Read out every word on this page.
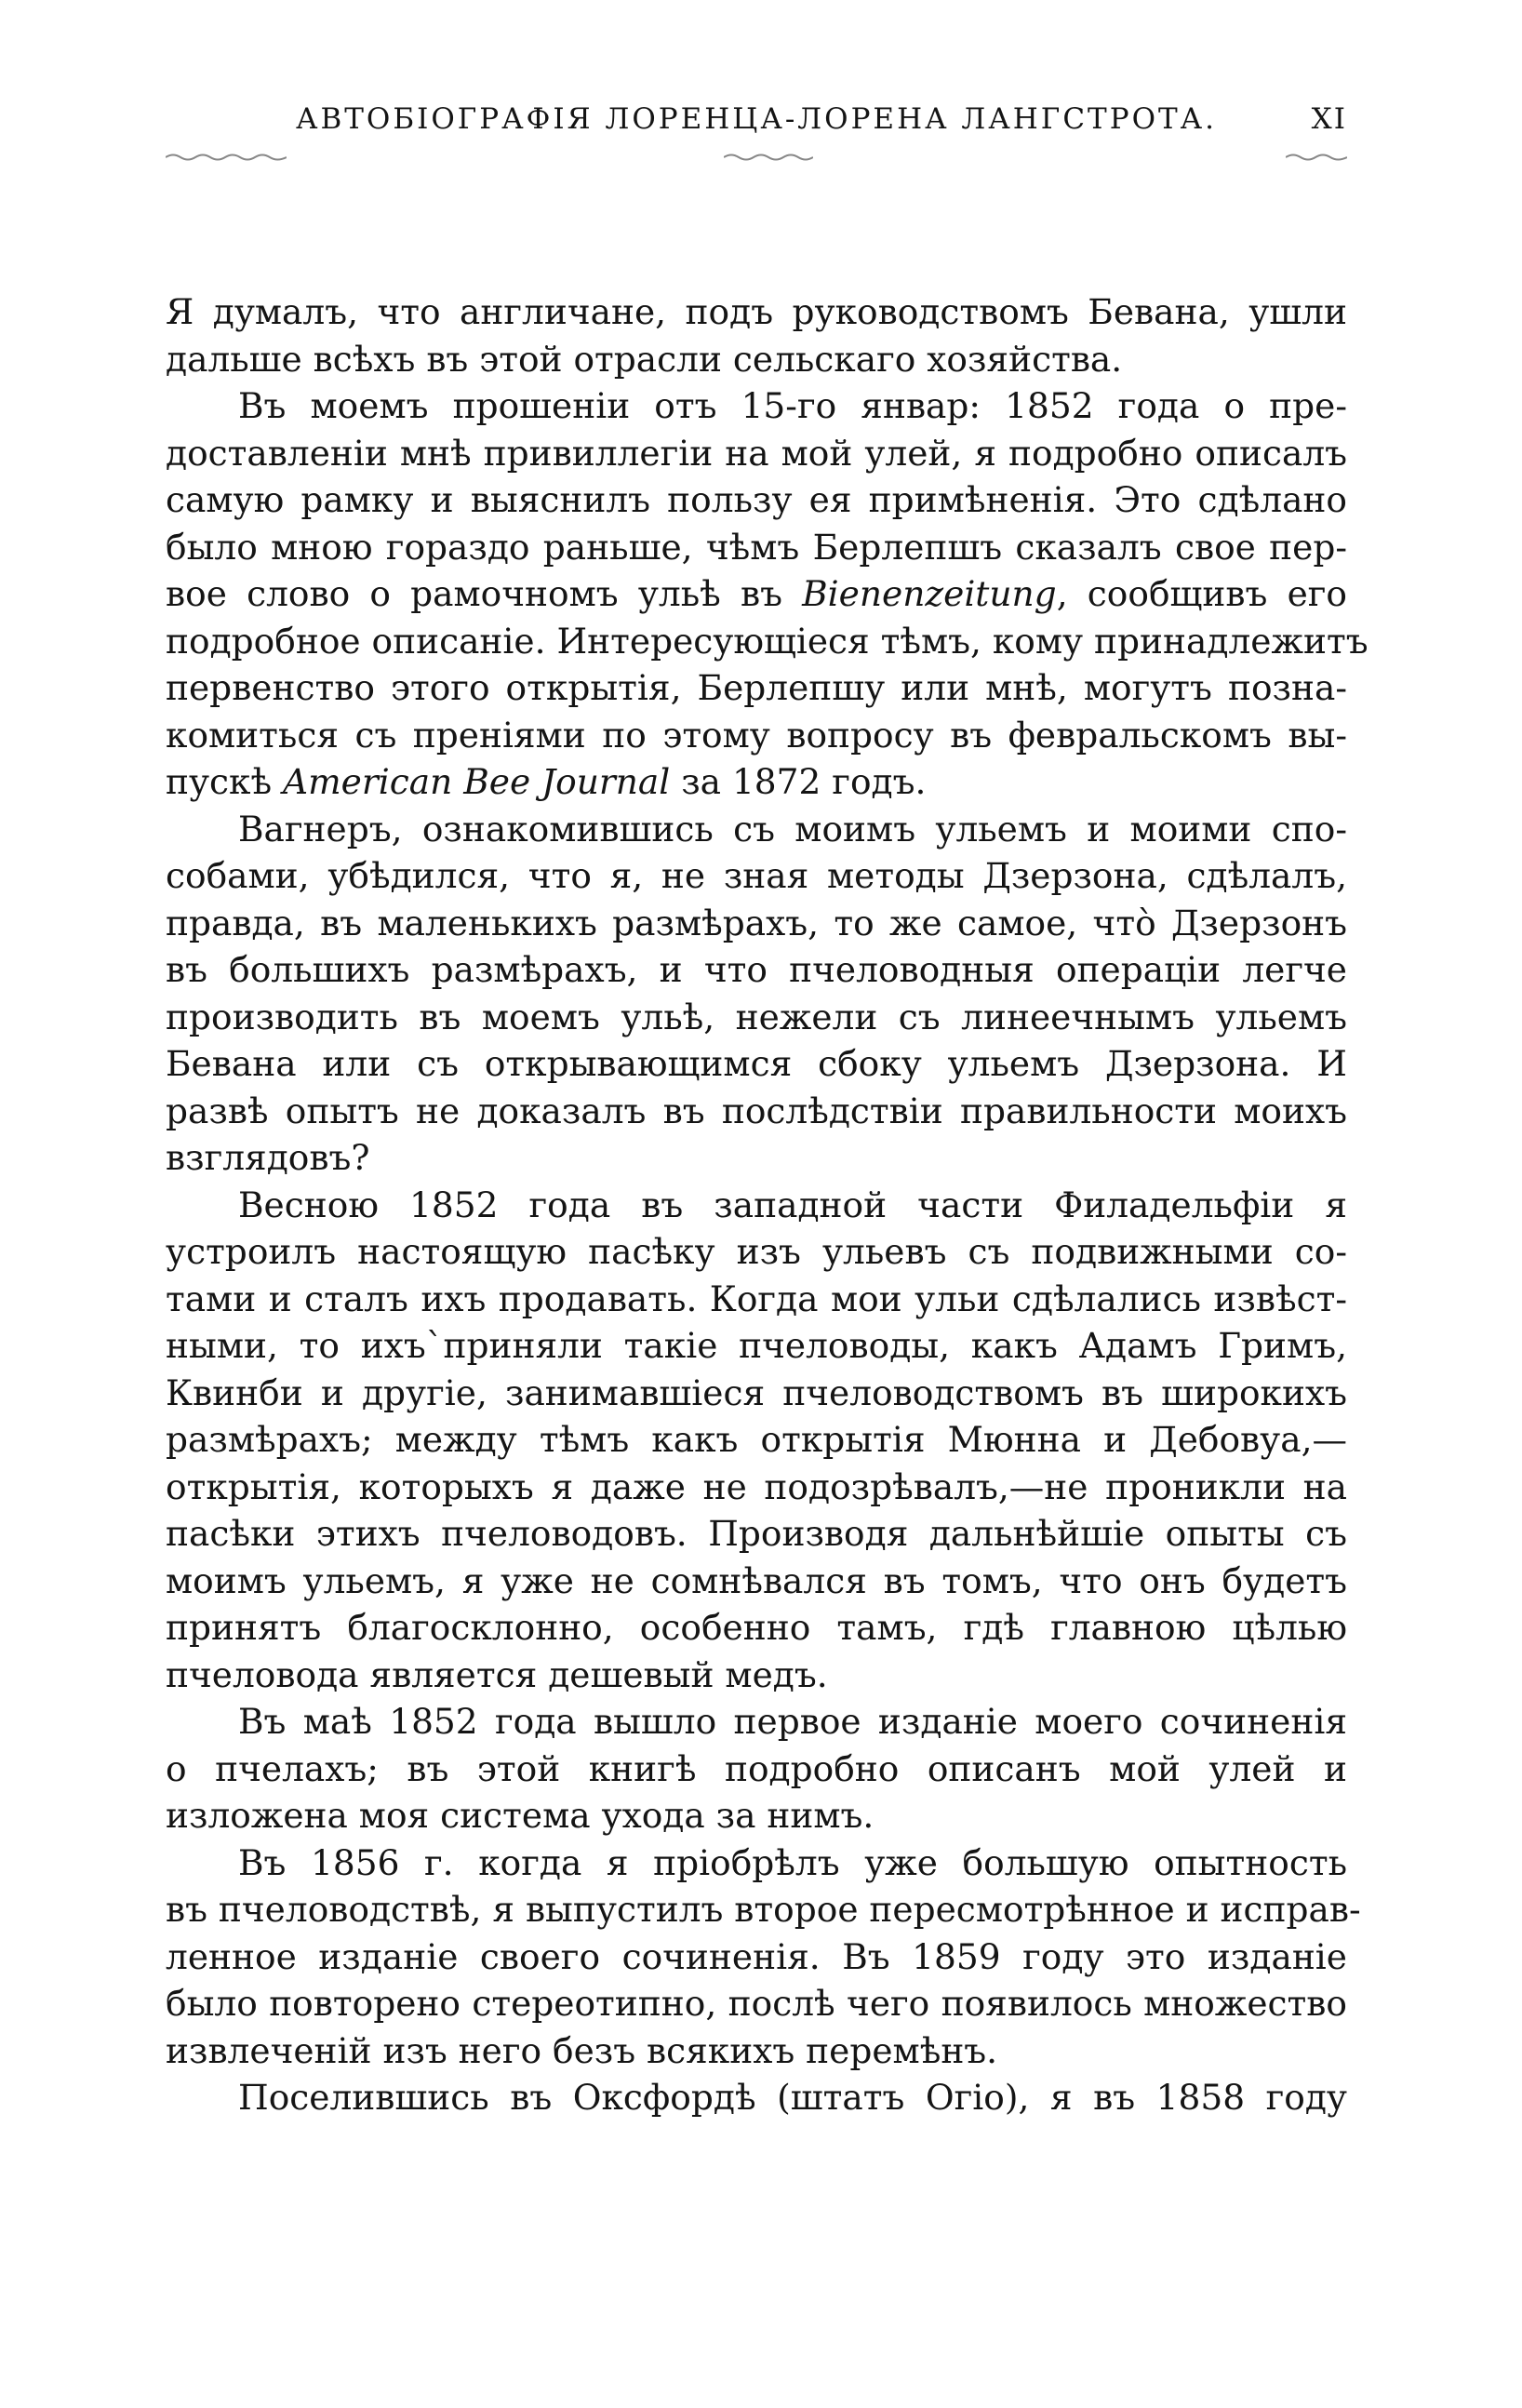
АВТОБIОГРАФIЯ ЛОРЕНЦА-ЛОРЕНА ЛАНГСТРОТА.	XI
Я думалъ, что англичане, подъ руководствомъ Бевана, ушли
дальше всѣхъ въ этой отрасли сельскаго хозяйства.
Въ моемъ прошенiи отъ 15-го январ: 1852 года о пре-
доставленiи мнѣ привиллегiи на мой улей, я подробно описалъ
самую рамку и выяснилъ пользу ея примѣненiя. Это сдѣлано
было мною гораздо раньше, чѣмъ Берлепшъ сказалъ свое пер-
вое слово о рамочномъ ульѣ въ Bienenzeitung, сообщивъ его
подробное описанiе. Интересующiеся тѣмъ, кому принадлежитъ
первенство этого открытiя, Берлепшу или мнѣ, могутъ позна-
комиться съ пренiями по этому вопросу въ февральскомъ вы-
пускѣ American Bee Journal за 1872 годъ.
Вагнеръ, ознакомившись съ моимъ ульемъ и моими спо-
собами, убѣдился, что я, не зная методы Дзерзона, сдѣлалъ,
правда, въ маленькихъ размѣрахъ, то же самое, что̀ Дзерзонъ
въ большихъ размѣрахъ, и что пчеловодныя операцiи легче
производить въ моемъ ульѣ, нежели съ линеечнымъ ульемъ
Бевана или съ открывающимся сбоку ульемъ Дзерзона. И
развѣ опытъ не доказалъ въ послѣдствiи правильности моихъ
взглядовъ?
Весною 1852 года въ западной части Филадельфiи я
устроилъ настоящую пасѣку изъ ульевъ съ подвижными со-
тами и сталъ ихъ продавать. Когда мои ульи сдѣлались извѣст-
ными, то ихъ`приняли такiе пчеловоды, какъ Адамъ Гримъ,
Квинби и другiе, занимавшiеся пчеловодствомъ въ широкихъ
размѣрахъ; между тѣмъ какъ открытiя Мюнна и Дебовуа,—
открытiя, которыхъ я даже не подозрѣвалъ,—не проникли на
пасѣки этихъ пчеловодовъ. Производя дальнѣйшiе опыты съ
моимъ ульемъ, я уже не сомнѣвался въ томъ, что онъ будетъ
принятъ благосклонно, особенно тамъ, гдѣ главною цѣлью
пчеловода является дешевый медъ.
Въ маѣ 1852 года вышло первое изданiе моего сочиненiя
о пчелахъ; въ этой книгѣ подробно описанъ мой улей и
изложена моя система ухода за нимъ.
Въ 1856 г. когда я прiобрѣлъ уже большую опытность
въ пчеловодствѣ, я выпустилъ второе пересмотрѣнное и исправ-
ленное изданiе своего сочиненiя. Въ 1859 году это изданiе
было повторено стереотипно, послѣ чего появилось множество
извлеченiй изъ него безъ всякихъ перемѣнъ.
Поселившись въ Оксфордѣ (штатъ Огiо), я въ 1858 году
